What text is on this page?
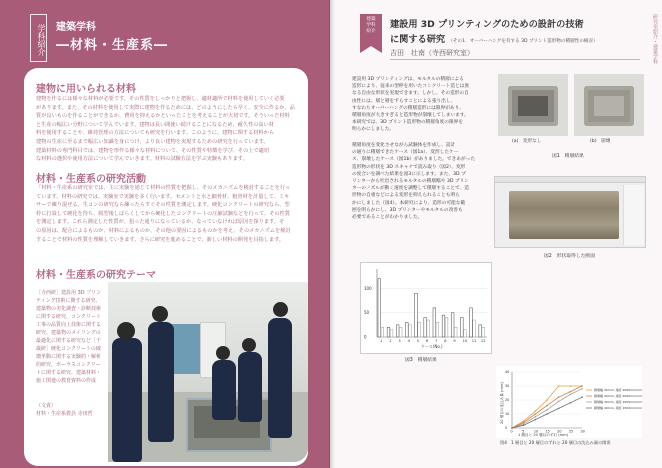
学科紹介 建築学科
―材料・生産系―
建物に用いられる材料
建物を作るには様々な材料が必要です。その性質をしっかりと把握し、適材適所で材料を使用していく必要
があります。また、その材料を使用して実際に建物を作るためには、どのようにしたら早く、安全に作るか、品
質が良いものを作ることができるか、費用を抑えるかといったことを考えることが大切です。そういった材料
と生産の幅広い分野について学んでいます。建物は長い間使い続けることになるため、耐久性の高い材
料を使用することや、維持管理の方法についても研究を行います。このように、建物に関する材料から
建物の生産に至るまで幅広い知識を身につけ、より良い建物を実現するための研究を行っています。
建築材料の専門科目では、建物を形作る様々な材料について、その性質や特徴を学び、その上で適切
な材料の選択や使用方法について学んでいきます。材料の試験方法を学ぶ実験もあります。
材料・生産系の研究活動
「材料・生産系の研究室では、主に実験を通じて材料の性質を把握し、そのメカニズムを検討することを行っ
ています。材料の研究では、実験室で実験を多く行います。セメントと水と細骨材、粗骨材を計量して、ミキ
サーで練り混ぜる、生コンの研究なら練ったらすぐその性質を測定します。硬化コンクリートの研究なら、型
枠に打設して硬化を待ち、脱型後しばらくしてから硬化したコンクリートの圧縮試験などを行って、その性質
を測定します。これら測定した性質が、狙った通りになっているか、なっていなければ原因を探ります。そ
の原因は、配合によるものか、材料によるものか、その他の要因によるものかを考え、そのメカニズムを検討
することで材料の性質を理解していきます。さらに研究を進めることで、新しい材料の開発を目指します。
材料・生産系の研究テーマ
［寺西研］建設用 3D プリン
ティング技術に関する研究、
建築物の劣化調査・診断技術
に関する研究、コンクリート
工事の品質向上技術に関する
研究、建築物のメイリングの
最適化に関する研究など［千
歳研］硬化コンクリートの破
壊挙動に関する実験的・解析
的研究、ポーラスコンクリー
トに関する研究、建築材料・
施工関連の教育資料の作成
（文責）
材料・生産系教員 寺田哲
研究室紹介・建築学科
建築
学科
紹介
建設用 3D プリンティングのための設計の技術
に関する研究 （その1．オーバーハングを有する 3D プリント造形物の積層性の検討）
吉田　壮南（寺西研究室）
建設用 3D プリンティングは、モルタルの積層による
造形により、従来の型枠を用いたコンクリート造とは異
なる自由な形状を実現できます。しかし、その造形の自
由性には、層と層をずらすことによる張り出し、
すなわちオーバーハングの積層造形には限界があり、
積層角度が大きすぎると造形物が崩壊してしまいます。
本研究では、3D プリント造形物の積層角度の限界を
明らかにしました。
積層角度を変化させながら試験体を作成し、設計
の通りに積層できたケース（図1a）、変形したケー
ス、崩壊したケース（図1b）がありました。できあがった
造形物の形状を 3D スキャナで読み取り（図2）、変形
の度合いを調べた結果を図3に示します。また、3D プ
リンターから吐出されるモルタルの積層幅や 3D プリン
ターのノズルが動く速度を調整して積層することで、造
形物の自重などによる変形を抑えられることも明ら
かにしました（図4）。本研究により、造形の可能な範
囲を明らかにし、3D プリンターやモルタルの改善も
必要であることがわかりました。
(a)　変形なし	(b)　崩壊
図1　積層結果
図2　形状取得した断面
ケース(No.)
0
50
100
1 2 3 4 5 6 7 8 9 10 11 12
図3　積層結果
1 層目と 20 層目のずれ (mm)
20 層目の沈込み量 (mm)
0
10
20
30
40
0	5	10 15 20 25 30
積層幅 30mm, 速度 2000mm/min
積層幅 40mm, 速度 2000mm/min
積層幅 30mm, 速度 1500mm/min
積層幅 40mm, 速度 1500mm/min
図4　1 層目と 20 層目のずれと 20 層目の沈込み量の関係
